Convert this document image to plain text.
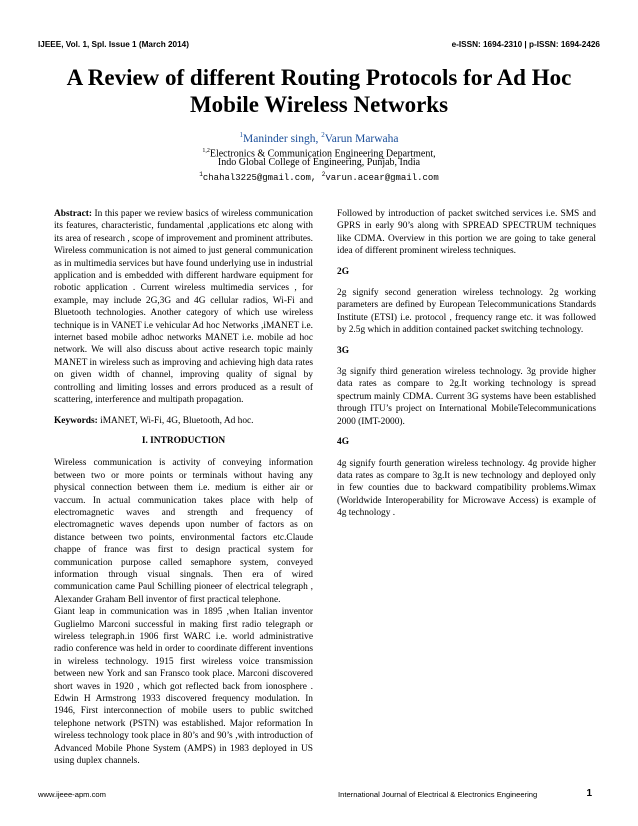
IJEEE, Vol. 1, Spl. Issue 1 (March 2014)	e-ISSN: 1694-2310 | p-ISSN: 1694-2426
A Review of different Routing Protocols for Ad Hoc Mobile Wireless Networks
$^1$Maninder singh, $^2$Varun Marwaha
$^{1,2}$Electronics & Communication Engineering Department,
Indo Global College of Engineering, Punjab, India
$^1$chahal3225@gmail.com, $^2$varun.acear@gmail.com

Abstract: In this paper we review basics of wireless communication its features, characteristic, fundamental ,applications etc along with its area of research , scope of improvement and prominent attributes. Wireless communication is not aimed to just general communication as in multimedia services but have found underlying use in industrial application and is embedded with different hardware equipment for robotic application . Current wireless multimedia services , for example, may include 2G,3G and 4G cellular radios, Wi-Fi and Bluetooth technologies. Another category of which use wireless technique is in VANET i.e vehicular Ad hoc Networks ,iMANET i.e. internet based mobile adhoc networks MANET i.e. mobile ad hoc network. We will also discuss about active research topic mainly MANET in wireless such as improving and achieving high data rates on given width of channel, improving quality of signal by controlling and limiting losses and errors produced as a result of scattering, interference and multipath propagation.

Keywords: iMANET, Wi-Fi, 4G, Bluetooth, Ad hoc.

I. INTRODUCTION

Wireless communication is activity of conveying information between two or more points or terminals without having any physical connection between them i.e. medium is either air or vaccum. In actual communication takes place with help of electromagnetic waves and strength and frequency of electromagnetic waves depends upon number of factors as on distance between two points, environmental factors etc.Claude chappe of france was first to design practical system for communication purpose called semaphore system, conveyed information through visual singnals. Then era of wired communication came Paul Schilling pioneer of electrical telegraph , Alexander Graham Bell inventor of first practical telephone.

Giant leap in communication was in 1895 ,when Italian inventor Guglielmo Marconi successful in making first radio telegraph or wireless telegraph.in 1906 first WARC i.e. world administrative radio conference was held in order to coordinate different inventions in wireless technology. 1915 first wireless voice transmission between new York and san Fransco took place. Marconi discovered short waves in 1920 , which got reflected back from ionosphere . Edwin H Armstrong 1933 discovered frequency modulation. In 1946, First interconnection of mobile users to public switched telephone network (PSTN) was established. Major reformation In wireless technology took place in 80’s and 90’s ,with introduction of Advanced Mobile Phone System (AMPS) in 1983 deployed in US using duplex channels.

Followed by introduction of packet switched services i.e. SMS and GPRS in early 90’s along with SPREAD SPECTRUM techniques like CDMA. Overview in this portion we are going to take general idea of different prominent wireless techniques.

2G

2g signify second generation wireless technology. 2g working parameters are defined by European Telecommunications Standards Institute (ETSI) i.e. protocol , frequency range etc. it was followed by 2.5g which in addition contained packet switching technology.

3G

3g signify third generation wireless technology. 3g provide higher data rates as compare to 2g.It working technology is spread spectrum mainly CDMA. Current 3G systems have been established through ITU’s project on International MobileTelecommunications 2000 (IMT-2000).

4G

4g signify fourth generation wireless technology. 4g provide higher data rates as compare to 3g.It is new technology and deployed only in few counties due to backward compatibility problems.Wimax (Worldwide Interoperability for Microwave Access) is example of 4g technology .

www.ijeee-apm.com	International Journal of Electrical & Electronics Engineering	1
